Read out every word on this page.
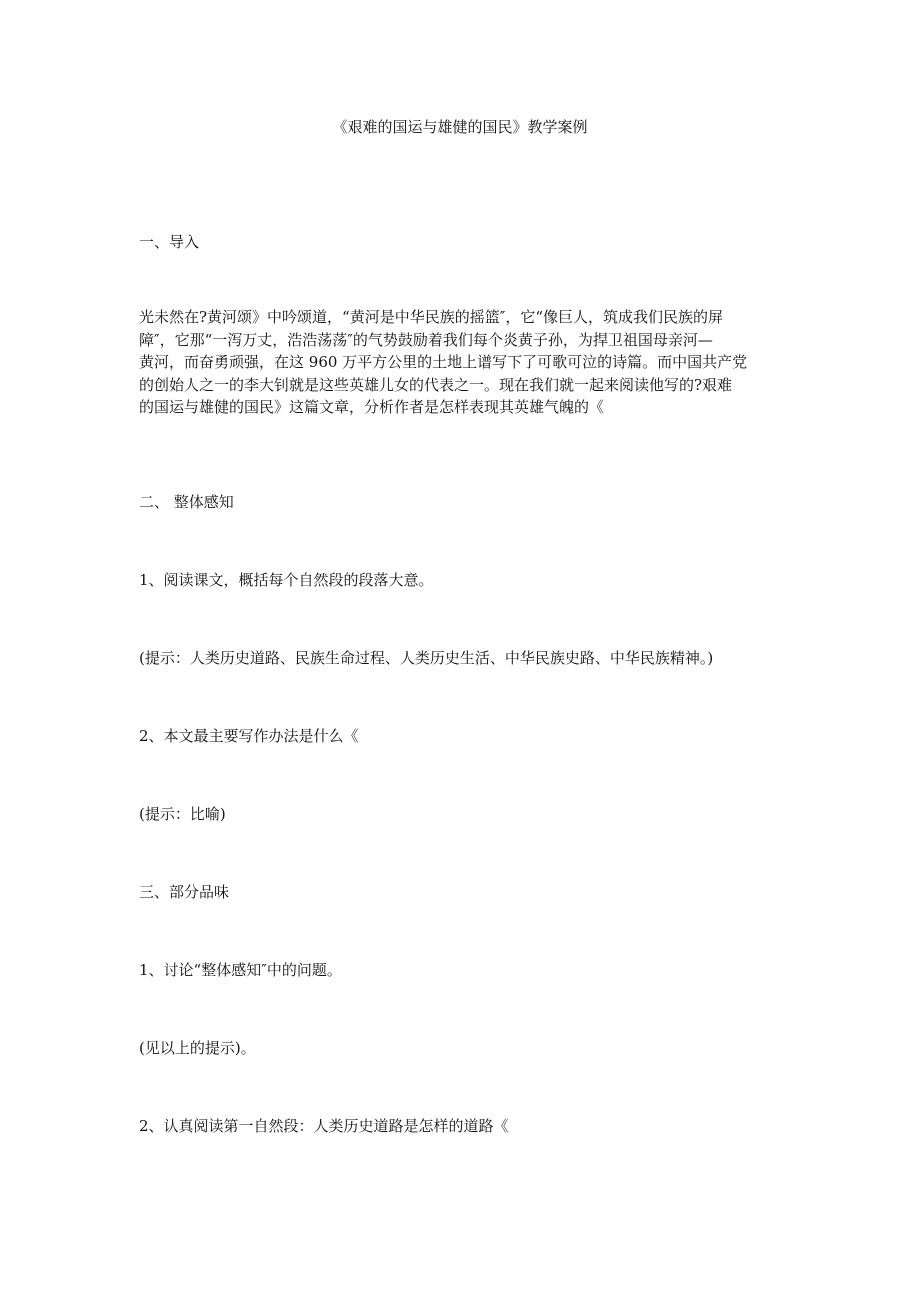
《艰难的国运与雄健的国民》教学案例
一、导入
光未然在?黄河颂》中吟颂道，“黄河是中华民族的摇篮″，它“像巨人，筑成我们民族的屏
障″，它那“一泻万丈，浩浩荡荡″的气势鼓励着我们每个炎黄子孙，为捍卫祖国母亲河—
黄河，而奋勇顽强，在这 960 万平方公里的土地上谱写下了可歌可泣的诗篇。而中国共产党
的创始人之一的李大钊就是这些英雄儿女的代表之一。现在我们就一起来阅读他写的?艰难
的国运与雄健的国民》这篇文章，分析作者是怎样表现其英雄气魄的《
二、 整体感知
1、阅读课文，概括每个自然段的段落大意。
(提示：人类历史道路、民族生命过程、人类历史生活、中华民族史路、中华民族精神。)
2、本文最主要写作办法是什么《
(提示：比喻)
三、部分品味
1、讨论“整体感知″中的问题。
(见以上的提示)。
2、认真阅读第一自然段：人类历史道路是怎样的道路《
